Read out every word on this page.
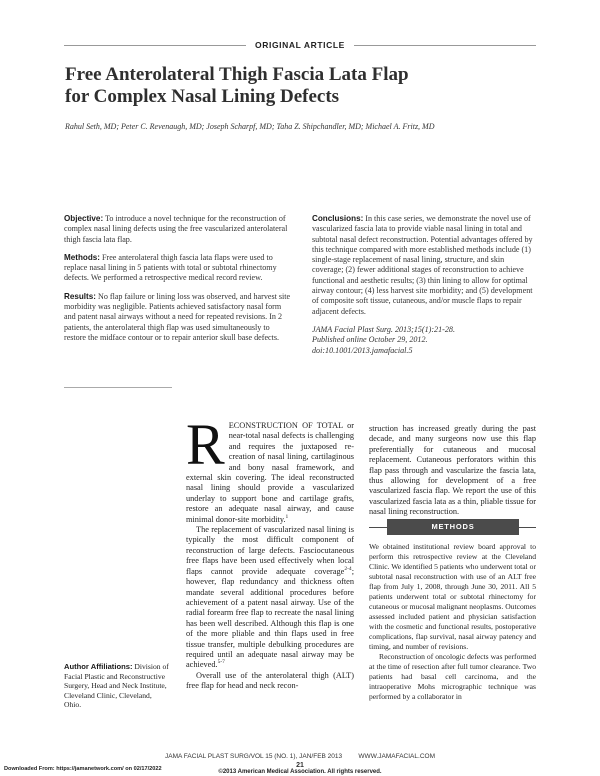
ORIGINAL ARTICLE
Free Anterolateral Thigh Fascia Lata Flap
for Complex Nasal Lining Defects
Rahul Seth, MD; Peter C. Revenaugh, MD; Joseph Scharpf, MD; Taha Z. Shipchandler, MD; Michael A. Fritz, MD

Objective: To introduce a novel technique for the reconstruction of complex nasal lining defects using the free vascularized anterolateral thigh fascia lata flap.

Methods: Free anterolateral thigh fascia lata flaps were used to replace nasal lining in 5 patients with total or subtotal rhinectomy defects. We performed a retrospective medical record review.

Results: No flap failure or lining loss was observed, and harvest site morbidity was negligible. Patients achieved satisfactory nasal form and patent nasal airways without a need for repeated revisions. In 2 patients, the anterolateral thigh flap was used simultaneously to restore the midface contour or to repair anterior skull base defects.

Conclusions: In this case series, we demonstrate the novel use of vascularized fascia lata to provide viable nasal lining in total and subtotal nasal defect reconstruction. Potential advantages offered by this technique compared with more established methods include (1) single-stage replacement of nasal lining, structure, and skin coverage; (2) fewer additional stages of reconstruction to achieve functional and aesthetic results; (3) thin lining to allow for optimal airway contour; (4) less harvest site morbidity; and (5) development of composite soft tissue, cutaneous, and/or muscle flaps to repair adjacent defects.

JAMA Facial Plast Surg. 2013;15(1):21-28.
Published online October 29, 2012.
doi:10.1001/2013.jamafacial.5

RECONSTRUCTION OF TOTAL or near-total nasal defects is challenging and requires the juxtaposed re-creation of nasal lining, cartilaginous and bony nasal framework, and external skin covering. The ideal reconstructed nasal lining should provide a vascularized underlay to support bone and cartilage grafts, restore an adequate nasal airway, and cause minimal donor-site morbidity.$^1$

The replacement of vascularized nasal lining is typically the most difficult component of reconstruction of large defects. Fasciocutaneous free flaps have been used effectively when local flaps cannot provide adequate coverage$^{2-4}$; however, flap redundancy and thickness often mandate several additional procedures before achievement of a patent nasal airway. Use of the radial forearm free flap to recreate the nasal lining has been well described. Although this flap is one of the more pliable and thin flaps used in free tissue transfer, multiple debulking procedures are required until an adequate nasal airway may be achieved.$^{5-7}$

Overall use of the anterolateral thigh (ALT) free flap for head and neck recon-

struction has increased greatly during the past decade, and many surgeons now use this flap preferentially for cutaneous and mucosal replacement. Cutaneous perforators within this flap pass through and vascularize the fascia lata, thus allowing for development of a free vascularized fascia flap. We report the use of this vascularized fascia lata as a thin, pliable tissue for nasal lining reconstruction.

METHODS

We obtained institutional review board approval to perform this retrospective review at the Cleveland Clinic. We identified 5 patients who underwent total or subtotal nasal reconstruction with use of an ALT free flap from July 1, 2008, through June 30, 2011. All 5 patients underwent total or subtotal rhinectomy for cutaneous or mucosal malignant neoplasms. Outcomes assessed included patient and physician satisfaction with the cosmetic and functional results, postoperative complications, flap survival, nasal airway patency and timing, and number of revisions.

Reconstruction of oncologic defects was performed at the time of resection after full tumor clearance. Two patients had basal cell carcinoma, and the intraoperative Mohs micrographic technique was performed by a collaborator in

Author Affiliations: Division of Facial Plastic and Reconstructive Surgery, Head and Neck Institute, Cleveland Clinic, Cleveland, Ohio.
JAMA FACIAL PLAST SURG/VOL 15 (NO. 1), JAN/FEB 2013	WWW.JAMAFACIAL.COM
21
©2013 American Medical Association. All rights reserved.
Downloaded From: https://jamanetwork.com/ on 02/17/2022
